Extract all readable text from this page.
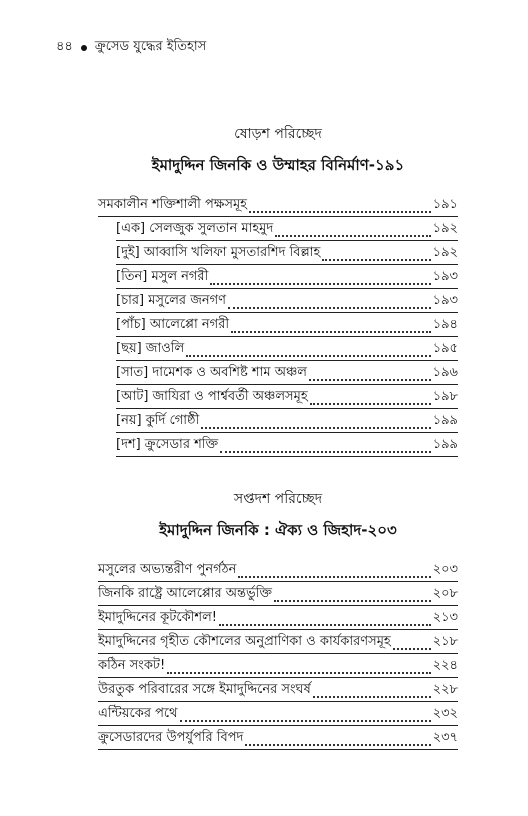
৪৪ ক্রুসেড যুদ্ধের ইতিহাস
ষোড়শ পরিচ্ছেদ
ইমাদুদ্দিন জিনকি ও উম্মাহর বিনির্মাণ-১৯১
সমকালীন শক্তিশালী পক্ষসমূহ	১৯১
[এক] সেলজুক সুলতান মাহমুদ	১৯২
[দুই] আব্বাসি খলিফা মুসতারশিদ বিল্লাহ	১৯২
[তিন] মসুল নগরী	১৯৩
[চার] মসুলের জনগণ	১৯৩
[পাঁচ] আলেপ্পো নগরী	১৯৪
[ছয়] জাওলি	১৯৫
[সাত] দামেশক ও অবশিষ্ট শাম অঞ্চল	১৯৬
[আট] জাযিরা ও পার্শ্ববর্তী অঞ্চলসমূহ	১৯৮
[নয়] কুর্দি গোষ্ঠী	১৯৯
[দশ] ক্রুসেডার শক্তি	১৯৯
সপ্তদশ পরিচ্ছেদ
ইমাদুদ্দিন জিনকি : ঐক্য ও জিহাদ-২০৩
মসুলের অভ্যন্তরীণ পুনর্গঠন	২০৩
জিনকি রাষ্ট্রে আলেপ্পোর অন্তর্ভুক্তি	২০৮
ইমাদুদ্দিনের কূটকৌশল!	২১৩
ইমাদুদ্দিনের গৃহীত কৌশলের অনুপ্রাণিকা ও কার্যকারণসমূহ	২১৮
কঠিন সংকট!	২২৪
উরতুক পরিবারের সঙ্গে ইমাদুদ্দিনের সংঘর্ষ	২২৮
এন্টিয়কের পথে	২৩২
ক্রুসেডারদের উপর্যুপরি বিপদ	২৩৭
